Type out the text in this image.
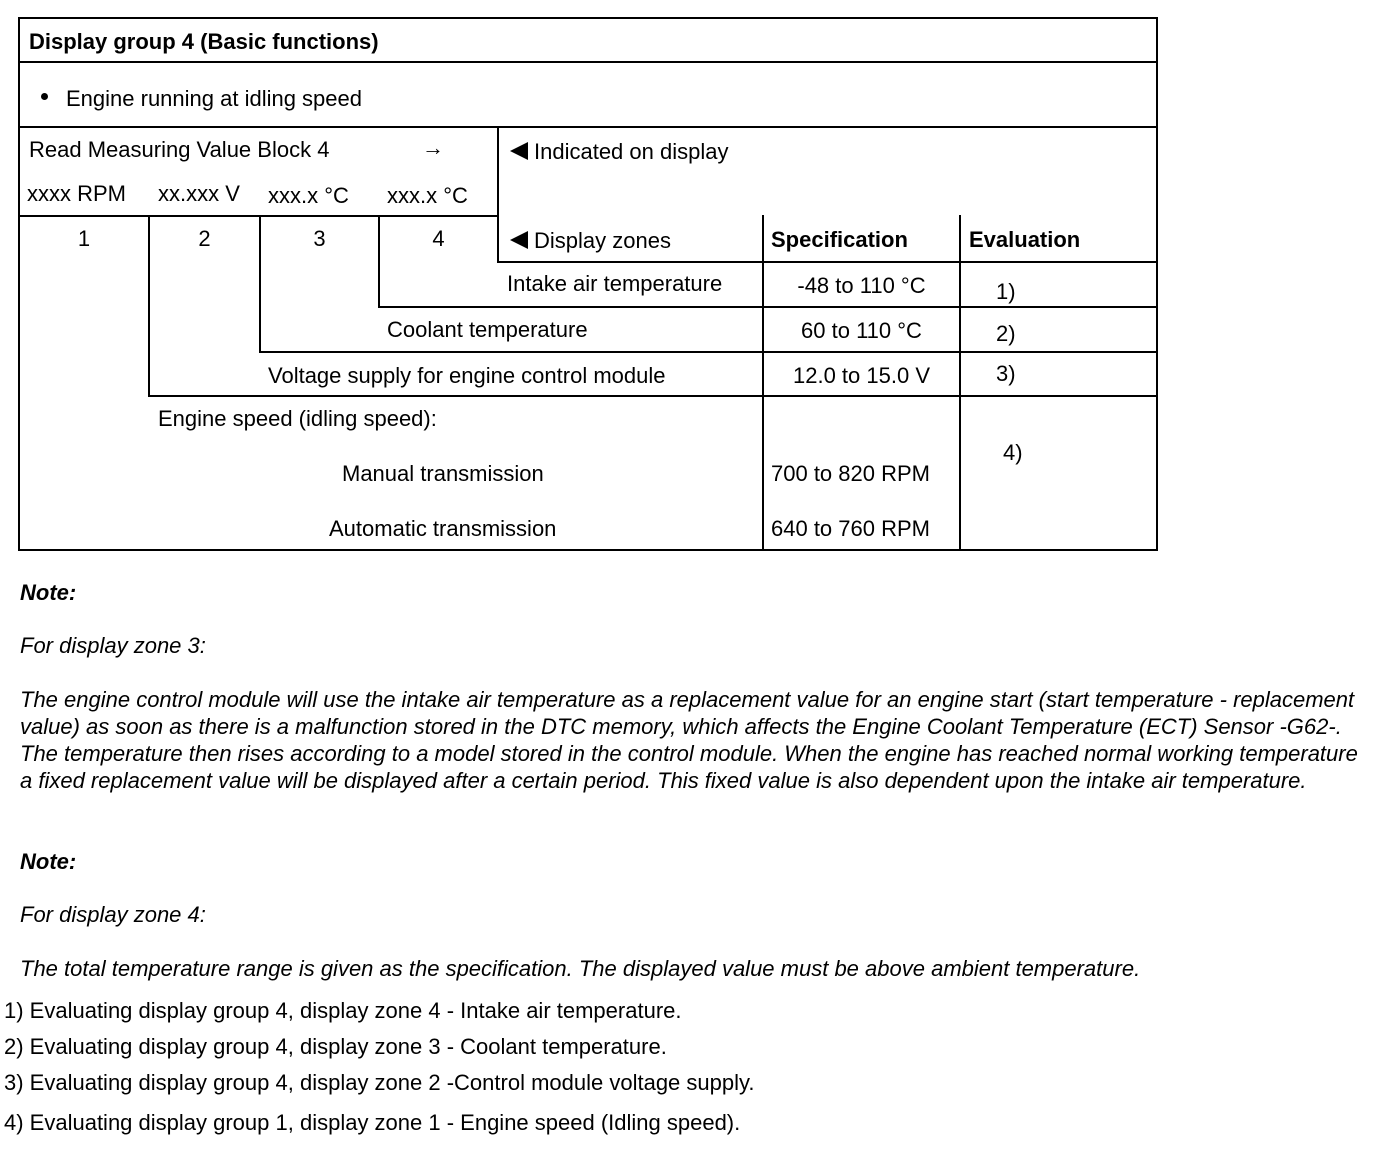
Display group 4 (Basic functions)
Engine running at idling speed
Read Measuring Value Block 4	→	Indicated on display
xxxx RPM xx.xxx V xxx.x °C xxx.x °C
1	2	3	4	Display zones	Specification	Evaluation
Intake air temperature	-48 to 110 °C	1)
Coolant temperature	60 to 110 °C	2)
Voltage supply for engine control module	12.0 to 15.0 V	3)
Engine speed (idling speed):
Manual transmission	700 to 820 RPM
Automatic transmission	640 to 760 RPM
4)
Note:
For display zone 3:
The engine control module will use the intake air temperature as a replacement value for an engine start (start temperature - replacement value) as soon as there is a malfunction stored in the DTC memory, which affects the Engine Coolant Temperature (ECT) Sensor -G62-. The temperature then rises according to a model stored in the control module. When the engine has reached normal working temperature a fixed replacement value will be displayed after a certain period. This fixed value is also dependent upon the intake air temperature.
Note:
For display zone 4:
The total temperature range is given as the specification. The displayed value must be above ambient temperature.
1) Evaluating display group 4, display zone 4 - Intake air temperature.
2) Evaluating display group 4, display zone 3 - Coolant temperature.
3) Evaluating display group 4, display zone 2 -Control module voltage supply.
4) Evaluating display group 1, display zone 1 - Engine speed (Idling speed).
